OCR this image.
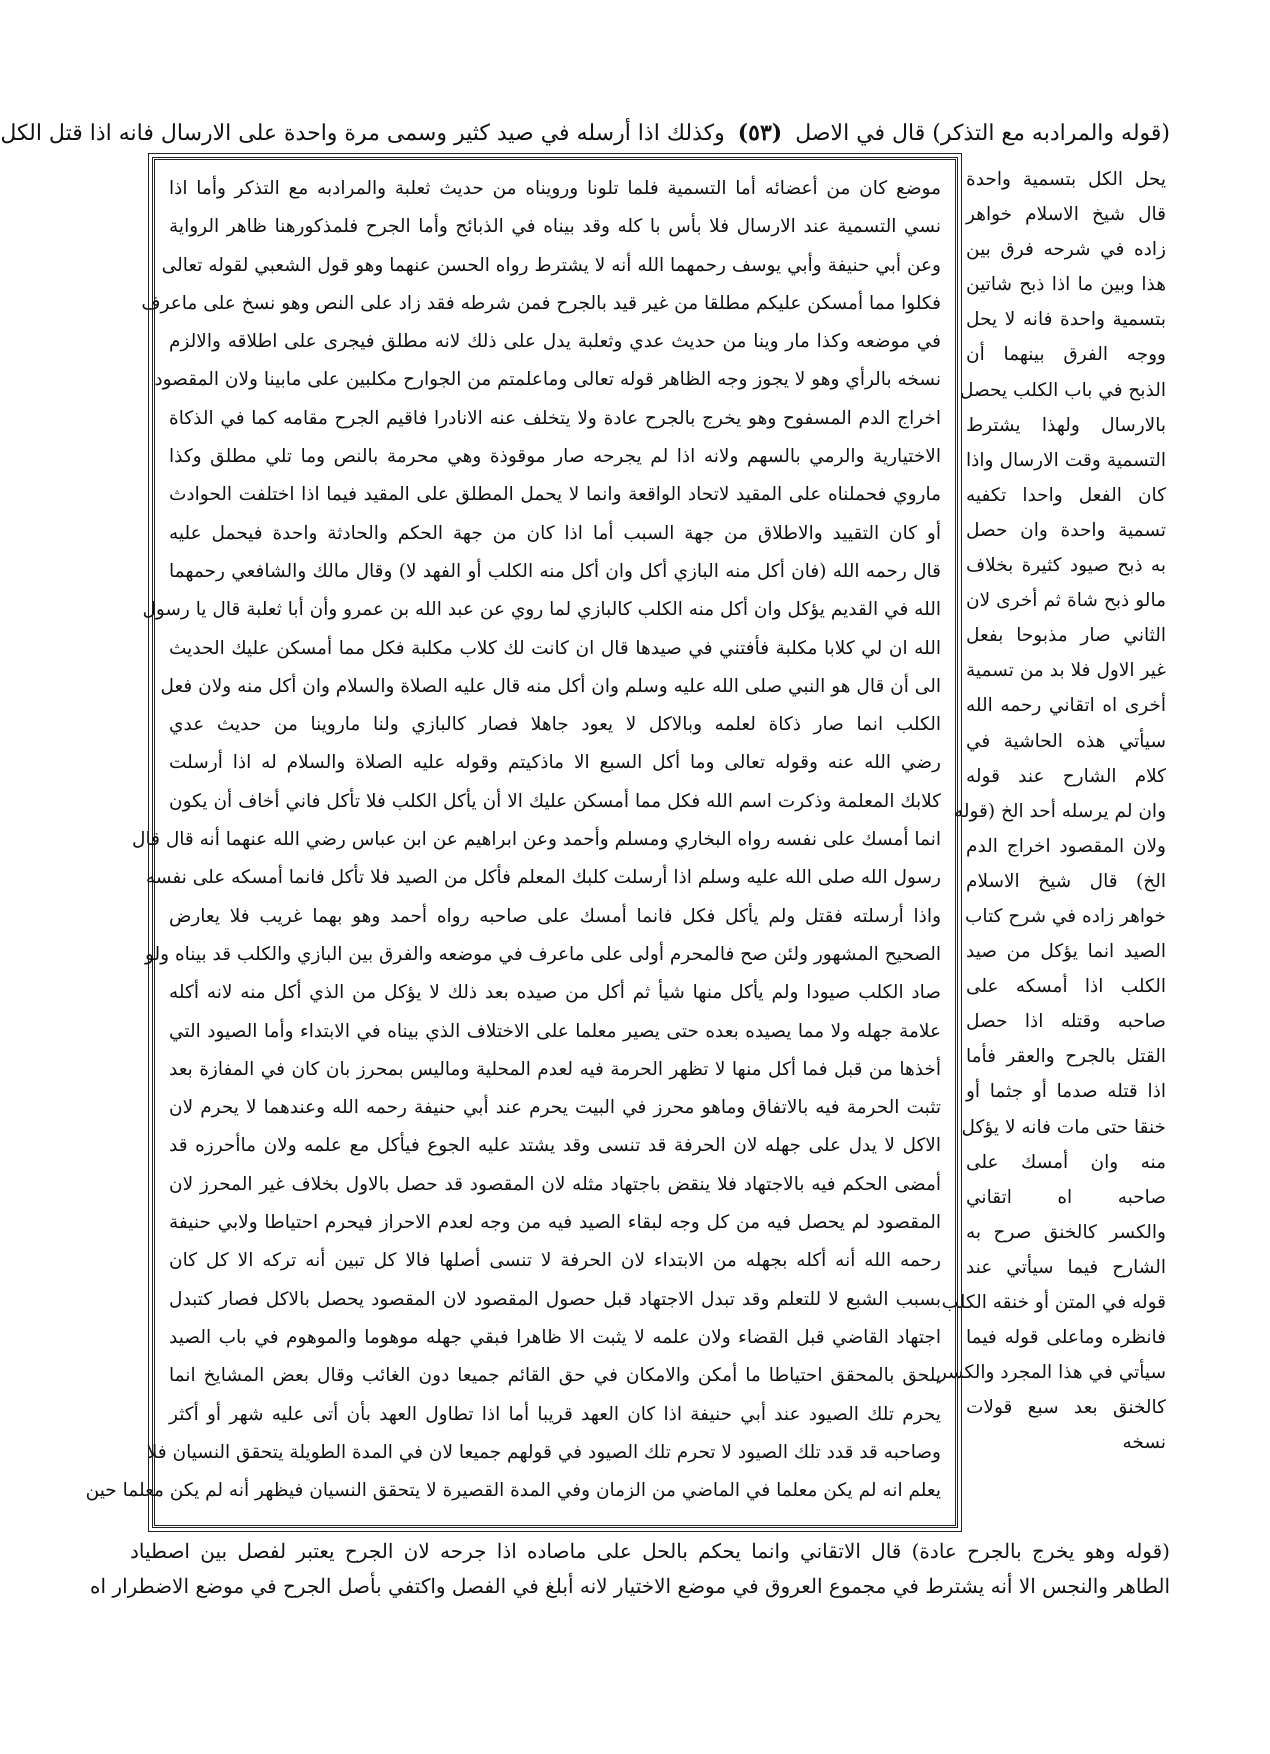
(قوله والمرادبه مع التذكر) قال في الاصل (٥٣) وكذلك اذا أرسله في صيد كثير وسمى مرة واحدة على الارسال فانه اذا قتل الكل
يحل الكل بتسمية واحدة
قال شيخ الاسلام خواهر
زاده في شرحه فرق بين
هذا وبين ما اذا ذبح شاتين
بتسمية واحدة فانه لا يحل
ووجه الفرق بينهما أن
الذبح في باب الكلب يحصل
بالارسال ولهذا يشترط
التسمية وقت الارسال واذا
كان الفعل واحدا تكفيه
تسمية واحدة وان حصل
به ذبح صيود كثيرة بخلاف
مالو ذبح شاة ثم أخرى لان
الثاني صار مذبوحا بفعل
غير الاول فلا بد من تسمية
أخرى اه اتقاني رحمه الله
سيأتي هذه الحاشية في
كلام الشارح عند قوله
وان لم يرسله أحد الخ (قوله
ولان المقصود اخراج الدم
الخ) قال شيخ الاسلام
خواهر زاده في شرح كتاب
الصيد انما يؤكل من صيد
الكلب اذا أمسكه على
صاحبه وقتله اذا حصل
القتل بالجرح والعقر فأما
اذا قتله صدما أو جثما أو
خنقا حتى مات فانه لا يؤكل
منه وان أمسك على
صاحبه اه اتقاني
والكسر كالخنق صرح به
الشارح فيما سيأتي عند
قوله في المتن أو خنقه الكلب
فانظره وماعلى قوله فيما
سيأتي في هذا المجرد والكسر
كالخنق بعد سبع قولات
نسخه
موضع كان من أعضائه أما التسمية فلما تلونا ورويناه من حديث ثعلبة والمرادبه مع التذكر وأما اذا
نسي التسمية عند الارسال فلا بأس با كله وقد بيناه في الذبائح وأما الجرح فلمذكورهنا ظاهر الرواية
وعن أبي حنيفة وأبي يوسف رحمهما الله أنه لا يشترط رواه الحسن عنهما وهو قول الشعبي لقوله تعالى
فكلوا مما أمسكن عليكم مطلقا من غير قيد بالجرح فمن شرطه فقد زاد على النص وهو نسخ على ماعرف
في موضعه وكذا مار وينا من حديث عدي وثعلبة يدل على ذلك لانه مطلق فيجرى على اطلاقه والالزم
نسخه بالرأي وهو لا يجوز وجه الظاهر قوله تعالى وماعلمتم من الجوارح مكلبين على مابينا ولان المقصود
اخراج الدم المسفوح وهو يخرج بالجرح عادة ولا يتخلف عنه الانادرا فاقيم الجرح مقامه كما في الذكاة
الاختيارية والرمي بالسهم ولانه اذا لم يجرحه صار موقوذة وهي محرمة بالنص وما تلي مطلق وكذا
ماروي فحملناه على المقيد لاتحاد الواقعة وانما لا يحمل المطلق على المقيد فيما اذا اختلفت الحوادث
أو كان التقييد والاطلاق من جهة السبب أما اذا كان من جهة الحكم والحادثة واحدة فيحمل عليه
قال رحمه الله (فان أكل منه البازي أكل وان أكل منه الكلب أو الفهد لا) وقال مالك والشافعي رحمهما
الله في القديم يؤكل وان أكل منه الكلب كالبازي لما روي عن عبد الله بن عمرو وأن أبا ثعلبة قال يا رسول
الله ان لي كلابا مكلبة فأفتني في صيدها قال ان كانت لك كلاب مكلبة فكل مما أمسكن عليك الحديث
الى أن قال هو النبي صلى الله عليه وسلم وان أكل منه قال عليه الصلاة والسلام وان أكل منه ولان فعل
الكلب انما صار ذكاة لعلمه وبالاكل لا يعود جاهلا فصار كالبازي ولنا ماروينا من حديث عدي
رضي الله عنه وقوله تعالى وما أكل السبع الا ماذكيتم وقوله عليه الصلاة والسلام له اذا أرسلت
كلابك المعلمة وذكرت اسم الله فكل مما أمسكن عليك الا أن يأكل الكلب فلا تأكل فاني أخاف أن يكون
انما أمسك على نفسه رواه البخاري ومسلم وأحمد وعن ابراهيم عن ابن عباس رضي الله عنهما أنه قال قال
رسول الله صلى الله عليه وسلم اذا أرسلت كلبك المعلم فأكل من الصيد فلا تأكل فانما أمسكه على نفسه
واذا أرسلته فقتل ولم يأكل فكل فانما أمسك على صاحبه رواه أحمد وهو بهما غريب فلا يعارض
الصحيح المشهور ولئن صح فالمحرم أولى على ماعرف في موضعه والفرق بين البازي والكلب قد بيناه ولو
صاد الكلب صيودا ولم يأكل منها شيأ ثم أكل من صيده بعد ذلك لا يؤكل من الذي أكل منه لانه أكله
علامة جهله ولا مما يصيده بعده حتى يصير معلما على الاختلاف الذي بيناه في الابتداء وأما الصيود التي
أخذها من قبل فما أكل منها لا تظهر الحرمة فيه لعدم المحلية وماليس بمحرز بان كان في المفازة بعد
تثبت الحرمة فيه بالاتفاق وماهو محرز في البيت يحرم عند أبي حنيفة رحمه الله وعندهما لا يحرم لان
الاكل لا يدل على جهله لان الحرفة قد تنسى وقد يشتد عليه الجوع فيأكل مع علمه ولان ماأحرزه قد
أمضى الحكم فيه بالاجتهاد فلا ينقض باجتهاد مثله لان المقصود قد حصل بالاول بخلاف غير المحرز لان
المقصود لم يحصل فيه من كل وجه لبقاء الصيد فيه من وجه لعدم الاحراز فيحرم احتياطا ولابي حنيفة
رحمه الله أنه أكله بجهله من الابتداء لان الحرفة لا تنسى أصلها فالا كل تبين أنه تركه الا كل كان
بسبب الشبع لا للتعلم وقد تبدل الاجتهاد قبل حصول المقصود لان المقصود يحصل بالاكل فصار كتبدل
اجتهاد القاضي قبل القضاء ولان علمه لا يثبت الا ظاهرا فبقي جهله موهوما والموهوم في باب الصيد
يلحق بالمحقق احتياطا ما أمكن والامكان في حق القائم جميعا دون الغائب وقال بعض المشايخ انما
يحرم تلك الصيود عند أبي حنيفة اذا كان العهد قريبا أما اذا تطاول العهد بأن أتى عليه شهر أو أكثر
وصاحبه قد قدد تلك الصيود لا تحرم تلك الصيود في قولهم جميعا لان في المدة الطويلة يتحقق النسيان فلا
يعلم انه لم يكن معلما في الماضي من الزمان وفي المدة القصيرة لا يتحقق النسيان فيظهر أنه لم يكن معلما حين
(قوله وهو يخرج بالجرح عادة) قال الاتقاني وانما يحكم بالحل على ماصاده اذا جرحه لان الجرح يعتبر لفصل بين اصطياد
الطاهر والنجس الا أنه يشترط في مجموع العروق في موضع الاختيار لانه أبلغ في الفصل واكتفي بأصل الجرح في موضع الاضطرار اه
